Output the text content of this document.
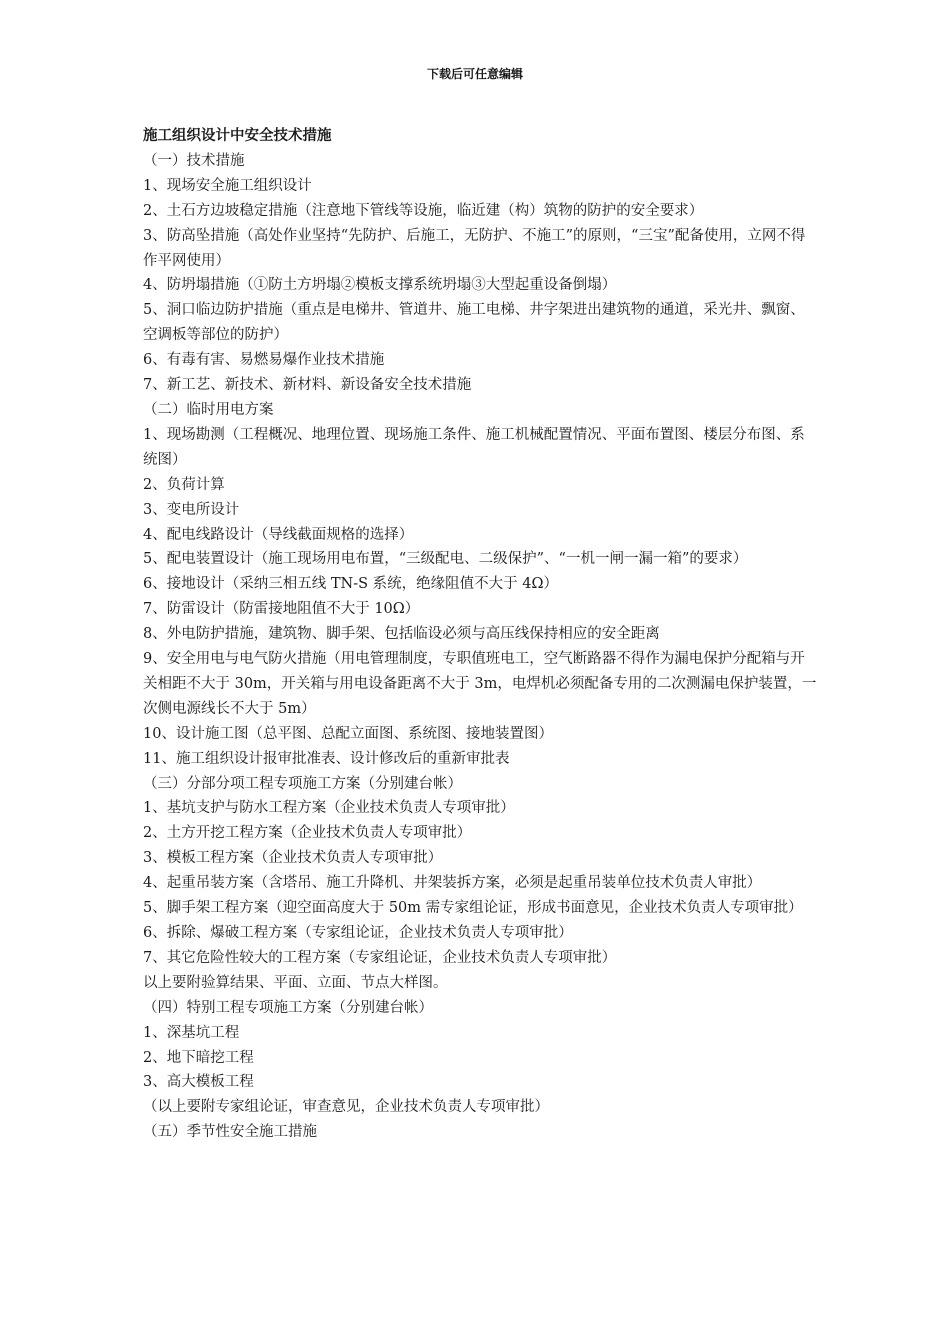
下载后可任意编辑

施工组织设计中安全技术措施

（一）技术措施

1、现场安全施工组织设计

2、土石方边坡稳定措施（注意地下管线等设施，临近建（构）筑物的防护的安全要求）

3、防高坠措施（高处作业坚持“先防护、后施工，无防护、不施工”的原则，“三宝”配备使用，立网不得作平网使用）

4、防坍塌措施（①防土方坍塌②模板支撑系统坍塌③大型起重设备倒塌）

5、洞口临边防护措施（重点是电梯井、管道井、施工电梯、井字架进出建筑物的通道，采光井、飘窗、空调板等部位的防护）

6、有毒有害、易燃易爆作业技术措施

7、新工艺、新技术、新材料、新设备安全技术措施

（二）临时用电方案

1、现场勘测（工程概况、地理位置、现场施工条件、施工机械配置情况、平面布置图、楼层分布图、系统图）

2、负荷计算

3、变电所设计

4、配电线路设计（导线截面规格的选择）

5、配电装置设计（施工现场用电布置，“三级配电、二级保护”、“一机一闸一漏一箱”的要求）

6、接地设计（采纳三相五线 TN-S 系统，绝缘阻值不大于 4Ω）

7、防雷设计（防雷接地阻值不大于 10Ω）

8、外电防护措施，建筑物、脚手架、包括临设必须与高压线保持相应的安全距离

9、安全用电与电气防火措施（用电管理制度，专职值班电工，空气断路器不得作为漏电保护分配箱与开关相距不大于 30m，开关箱与用电设备距离不大于 3m，电焊机必须配备专用的二次测漏电保护装置，一次侧电源线长不大于 5m）

10、设计施工图（总平图、总配立面图、系统图、接地装置图）

11、施工组织设计报审批准表、设计修改后的重新审批表

（三）分部分项工程专项施工方案（分别建台帐）

1、基坑支护与防水工程方案（企业技术负责人专项审批）

2、土方开挖工程方案（企业技术负责人专项审批）

3、模板工程方案（企业技术负责人专项审批）

4、起重吊装方案（含塔吊、施工升降机、井架装拆方案，必须是起重吊装单位技术负责人审批）

5、脚手架工程方案（迎空面高度大于 50m 需专家组论证，形成书面意见，企业技术负责人专项审批）

6、拆除、爆破工程方案（专家组论证，企业技术负责人专项审批）

7、其它危险性较大的工程方案（专家组论证，企业技术负责人专项审批）

以上要附验算结果、平面、立面、节点大样图。

（四）特别工程专项施工方案（分别建台帐）

1、深基坑工程

2、地下暗挖工程

3、高大模板工程

（以上要附专家组论证，审查意见，企业技术负责人专项审批）

（五）季节性安全施工措施
